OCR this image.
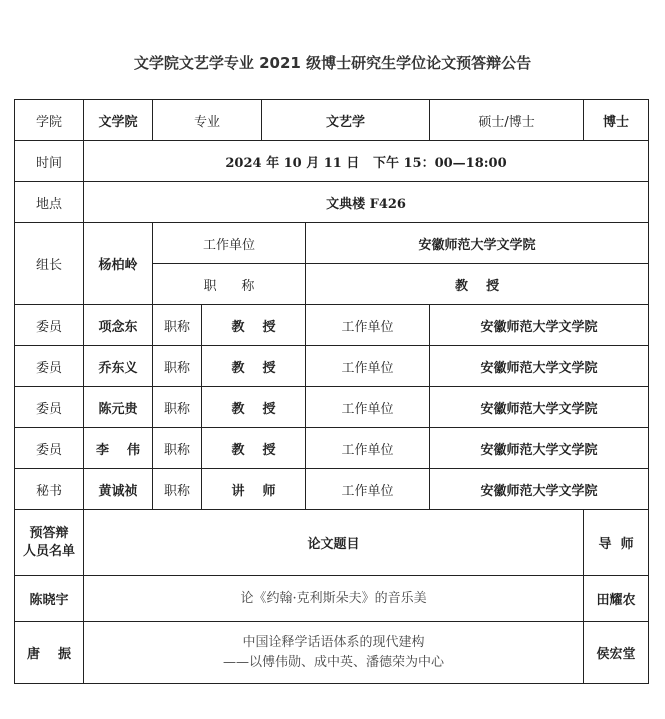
文学院文艺学专业 2021 级博士研究生学位论文预答辩公告
学院	文学院	专业		文艺学		硕士/博士	博士
时间	2024 年 10 月 11 日   下午 15：00—18:00						
地点	文典楼 F426						
组长	杨柏岭	工作单位			安徽师范大学文学院		
		职      称			教    授		
委员	项念东	职称	教    授		工作单位	安徽师范大学文学院	
委员	乔东义	职称	教    授		工作单位	安徽师范大学文学院	
委员	陈元贵	职称	教    授		工作单位	安徽师范大学文学院	
委员	李    伟	职称	教    授		工作单位	安徽师范大学文学院	
秘书	黄诚祯	职称	讲    师		工作单位	安徽师范大学文学院	

预答辩
人员名单	论文题目						导  师
陈晓宇	论《约翰·克利斯朵夫》的音乐美						田耀农
唐    振	中国诠释学话语体系的现代建构
——以傅伟勋、成中英、潘德荣为中心						侯宏堂
